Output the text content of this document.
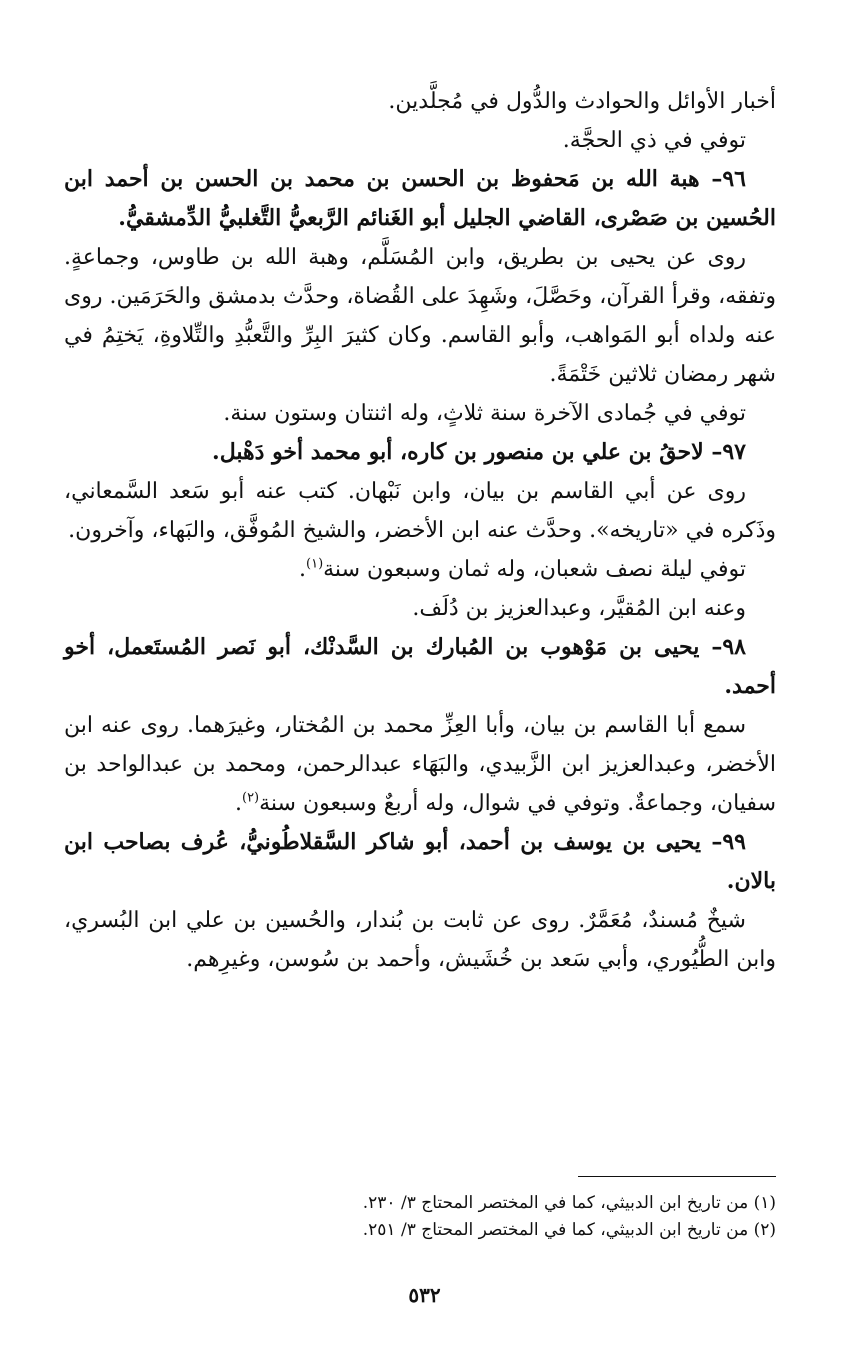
أخبار الأوائل والحوادث والدُّول في مُجلَّدين.

توفي في ذي الحجَّة.

٩٦– هبة الله بن مَحفوظ بن الحسن بن محمد بن الحسن بن أحمد ابن الحُسين بن صَصْرى، القاضي الجليل أبو الغَنائم الرَّبعيُّ التَّغلبيُّ الدِّمشقيُّ.

روى عن يحيى بن بطريق، وابن المُسَلَّم، وهبة الله بن طاوس، وجماعةٍ. وتفقه، وقرأ القرآن، وحَصَّلَ، وشَهِدَ على القُضاة، وحدَّث بدمشق والحَرَمَين. روى عنه ولداه أبو المَواهب، وأبو القاسم. وكان كثيرَ البِرِّ والتَّعبُّدِ والتِّلاوةِ، يَختِمُ في شهر رمضان ثلاثين خَتْمَةً.

توفي في جُمادى الآخرة سنة ثلاثٍ، وله اثنتان وستون سنة.

٩٧– لاحقُ بن علي بن منصور بن كاره، أبو محمد أخو دَهْبل.

روى عن أبي القاسم بن بيان، وابن نَبْهان. كتب عنه أبو سَعد السَّمعاني، وذَكره في «تاريخه». وحدَّث عنه ابن الأخضر، والشيخ المُوفَّق، والبَهاء، وآخرون.

توفي ليلة نصف شعبان، وله ثمان وسبعون سنة$^{(١)}$.

وعنه ابن المُقيَّر، وعبدالعزيز بن دُلَف.

٩٨– يحيى بن مَوْهوب بن المُبارك بن السَّدنْك، أبو نَصر المُستَعمل، أخو أحمد.

سمع أبا القاسم بن بيان، وأبا العِزِّ محمد بن المُختار، وغيرَهما. روى عنه ابن الأخضر، وعبدالعزيز ابن الزَّبيدي، والبَهَاء عبدالرحمن، ومحمد بن عبدالواحد بن سفيان، وجماعةٌ. وتوفي في شوال، وله أربعٌ وسبعون سنة$^{(٢)}$.

٩٩– يحيى بن يوسف بن أحمد، أبو شاكر السَّقلاطُونيُّ، عُرف بصاحب ابن بالان.

شيخٌ مُسندٌ، مُعَمَّرٌ. روى عن ثابت بن بُندار، والحُسين بن علي ابن البُسري، وابن الطُّيُوري، وأبي سَعد بن خُشَيش، وأحمد بن سُوسن، وغيرِهم.

(١) من تاريخ ابن الدبيثي، كما في المختصر المحتاج ٣/ ٢٣٠.

(٢) من تاريخ ابن الدبيثي، كما في المختصر المحتاج ٣/ ٢٥١.

٥٣٢
